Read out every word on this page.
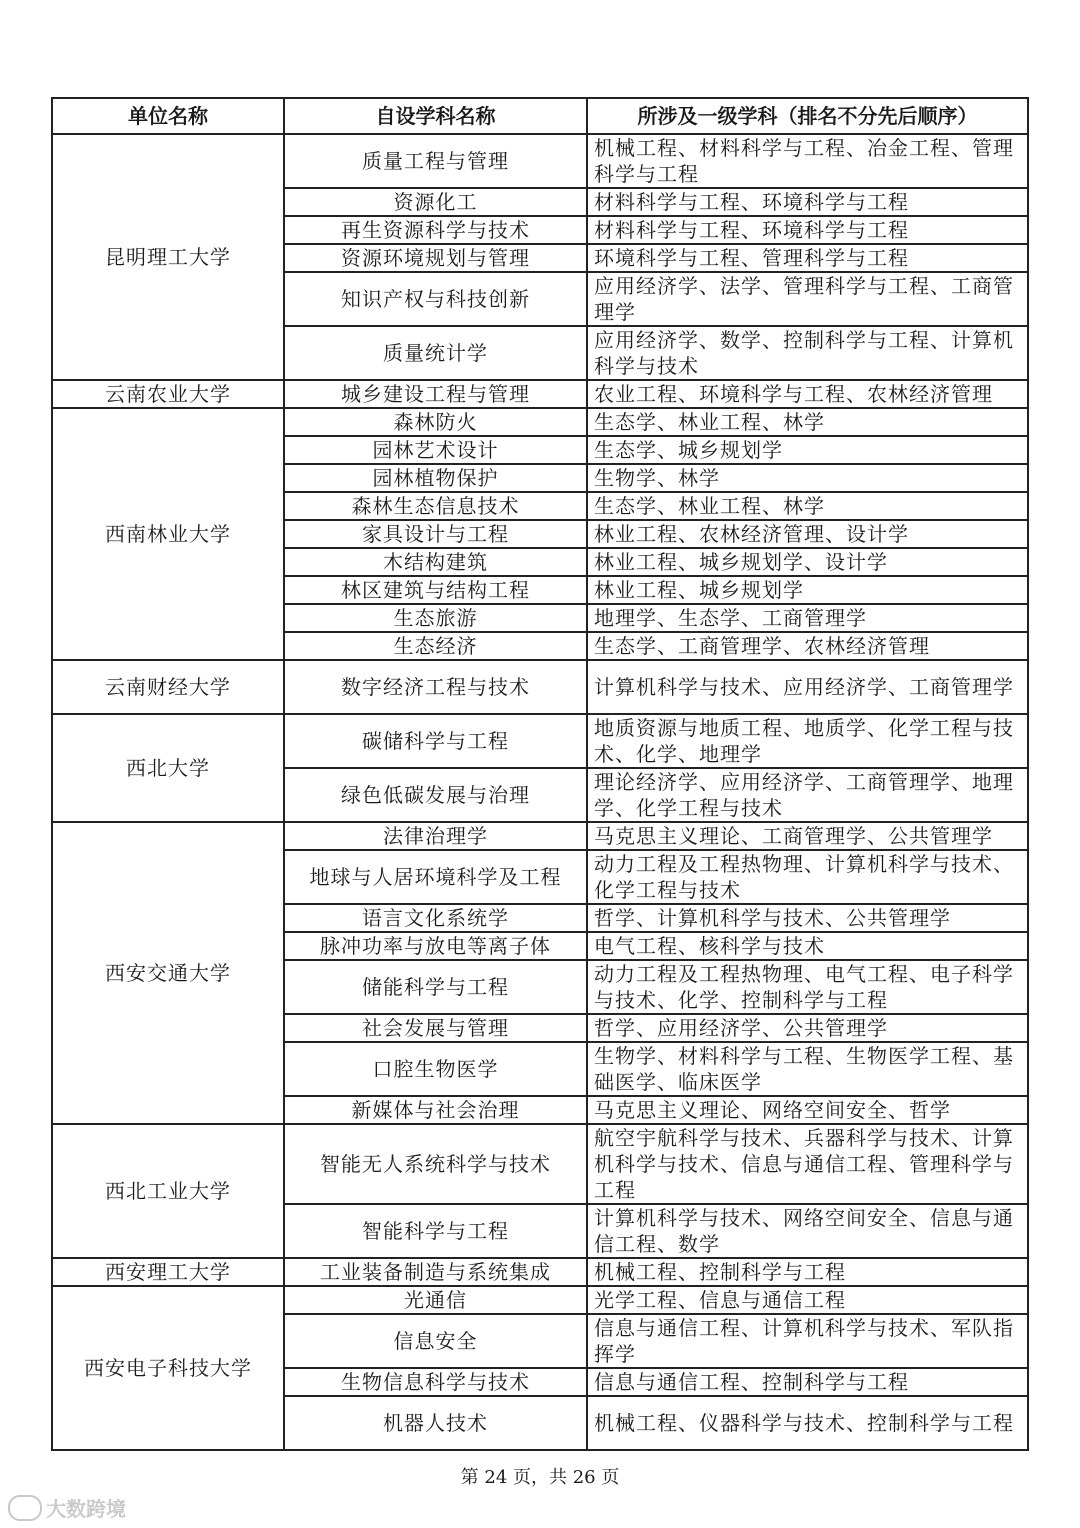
单位名称	自设学科名称	所涉及一级学科（排名不分先后顺序）
昆明理工大学	质量工程与管理	机械工程、材料科学与工程、冶金工程、管理科学与工程
	资源化工	材料科学与工程、环境科学与工程
	再生资源科学与技术	材料科学与工程、环境科学与工程
	资源环境规划与管理	环境科学与工程、管理科学与工程
	知识产权与科技创新	应用经济学、法学、管理科学与工程、工商管理学
	质量统计学	应用经济学、数学、控制科学与工程、计算机科学与技术
云南农业大学	城乡建设工程与管理	农业工程、环境科学与工程、农林经济管理
西南林业大学	森林防火	生态学、林业工程、林学
	园林艺术设计	生态学、城乡规划学
	园林植物保护	生物学、林学
	森林生态信息技术	生态学、林业工程、林学
	家具设计与工程	林业工程、农林经济管理、设计学
	木结构建筑	林业工程、城乡规划学、设计学
	林区建筑与结构工程	林业工程、城乡规划学
	生态旅游	地理学、生态学、工商管理学
	生态经济	生态学、工商管理学、农林经济管理
云南财经大学	数字经济工程与技术	计算机科学与技术、应用经济学、工商管理学
西北大学	碳储科学与工程	地质资源与地质工程、地质学、化学工程与技术、化学、地理学
	绿色低碳发展与治理	理论经济学、应用经济学、工商管理学、地理学、化学工程与技术
西安交通大学	法律治理学	马克思主义理论、工商管理学、公共管理学
	地球与人居环境科学及工程	动力工程及工程热物理、计算机科学与技术、化学工程与技术
	语言文化系统学	哲学、计算机科学与技术、公共管理学
	脉冲功率与放电等离子体	电气工程、核科学与技术
	储能科学与工程	动力工程及工程热物理、电气工程、电子科学与技术、化学、控制科学与工程
	社会发展与管理	哲学、应用经济学、公共管理学
	口腔生物医学	生物学、材料科学与工程、生物医学工程、基础医学、临床医学
	新媒体与社会治理	马克思主义理论、网络空间安全、哲学
西北工业大学	智能无人系统科学与技术	航空宇航科学与技术、兵器科学与技术、计算机科学与技术、信息与通信工程、管理科学与工程
	智能科学与工程	计算机科学与技术、网络空间安全、信息与通信工程、数学
西安理工大学	工业装备制造与系统集成	机械工程、控制科学与工程
西安电子科技大学	光通信	光学工程、信息与通信工程
	信息安全	信息与通信工程、计算机科学与技术、军队指挥学
	生物信息科学与技术	信息与通信工程、控制科学与工程
	机器人技术	机械工程、仪器科学与技术、控制科学与工程
第 24 页，共 26 页
大数跨境
